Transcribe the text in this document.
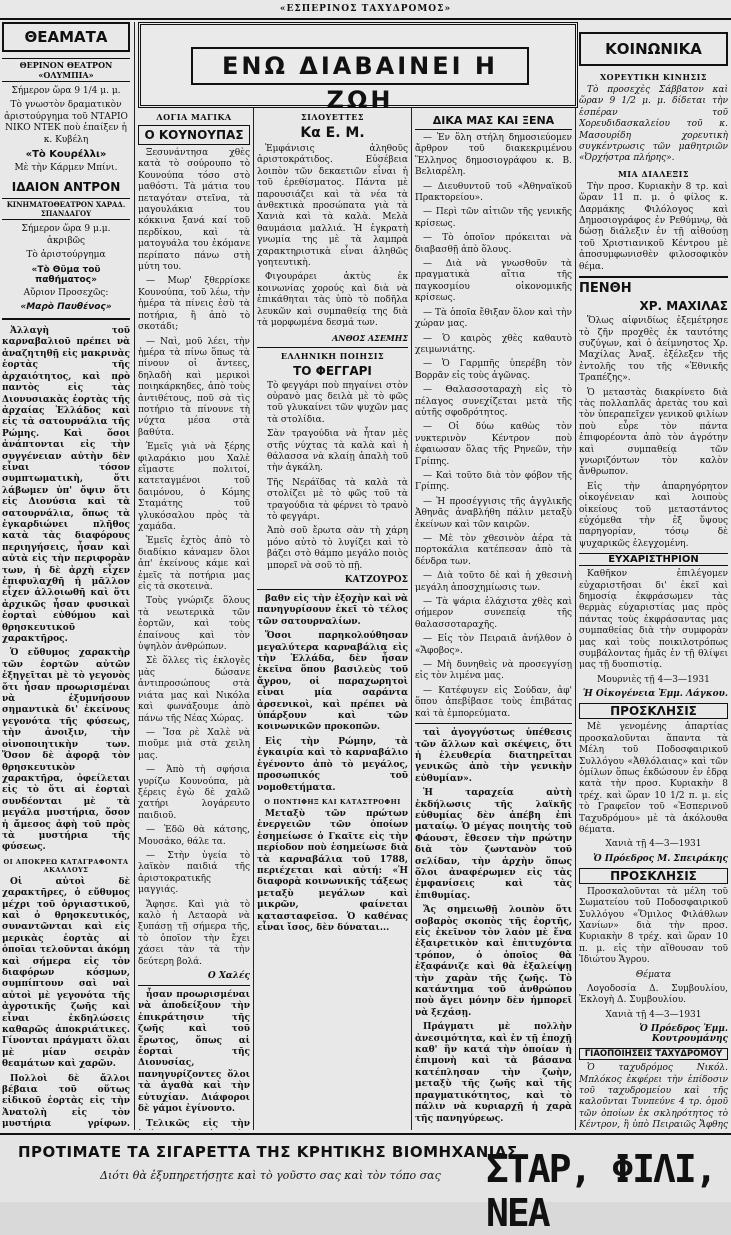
«ΕΣΠΕΡΙΝΟΣ ΤΑΧΥΔΡΟΜΟΣ»
ΘΕΑΜΑΤΑ
ΘΕΡΙΝΟΝ ΘΕΑΤΡΟΝ «ΟΛΥΜΠΙΑ»

Σήμερον ὥρα 9 1/4 μ. μ.

Τὸ γνωστὸν δραματικὸν ἀριστούργημα τοῦ ΝΤΑΡΙΟ ΝΙΚΟ ΝΤΕΚ ποὺ ἐπαίξεν ἡ κ. Κυβέλη

«Τὸ Κουρέλλι»

Μὲ τὴν Κάρμεν Μπίνι.

ΙΔΑΙΟΝ ΑΝΤΡΟΝ
ΚΙΝΗΜΑΤΟΘΕΑΤΡΟΝ ΧΑΡΑΔ. ΣΠΑΝΔΑΓΟΥ

Σήμερον ὥρα 9 μ.μ. ἀκριβῶς

Τὸ ἀριστούργημα

«Τὸ Θῦμα τοῦ παθήματος»

Αὔριον Προσεχῶς:

«Μαρὸ Παυθένος»

Ἀλλαγὴ τοῦ καρναβαλιοῦ πρέπει νὰ ἀναζητηθῇ εἰς μακρινὰς ἑορτὰς τῆς ἀρχαιότητος, καὶ πρὸ παντὸς εἰς τὰς Διονυσιακὰς ἑορτὰς τῆς ἀρχαίας Ἑλλάδος καὶ εἰς τὰ σατουρνάλια τῆς Ρώμης. Καὶ ὅσοι ἀνάπτονται εἰς τὴν συγγένειαν αὐτὴν δὲν εἶναι τόσον συμπτωματικὴ, ὅτι λάβωμεν ὑπ' ὄψιν ὅτι εἰς Διονύσια καὶ τὰ σατουρνάλια, ὅπως τὰ ἐγκαρδιώνει πλῆθος κατὰ τὰς διαφόρους περιηγήσεις, ἦσαν καὶ αὐτὰ εἰς τὴν περιφορὰν των, ἡ δὲ ἀρχὴ εἶχεν ἐπιφυλαχθῆ ἡ μᾶλλον εἶχεν ἀλλοιωθῆ καὶ ὅτι ἀρχικῶς ἦσαν φυσικαὶ ἑορταὶ εὐθύμου καὶ θρησκευτικοῦ χαρακτῆρος.

Ὁ εὔθυμος χαρακτὴρ τῶν ἑορτῶν αὐτῶν ἐξηγεῖται μὲ τὸ γεγονὸς ὅτι ἦσαν προωρισμέναι νὰ ἑξυμνήσουν σημαντικὰ δι' ἐκείνους γεγονότα τῆς φύσεως, τὴν ἀνοιξιν, τὴν οἰνοποιητικὴν των. Ὅσον δὲ ἀφορᾷ τὸν θρησκευτικὸν χαρακτῆρα, ὀφείλεται εἰς τὸ ὅτι αἱ ἑορταὶ συνδέονται μὲ τὰ μεγάλα μυστήρια, ὅσον ἡ ἄμεσος ἀφὴ τοῦ πρὸς τὰ μυστήρια τῆς φύσεως.

ΟΙ ΑΠΟΚΡΕΩ ΚΑΤΑΓΡΑΦΟΝΤΑ ΑΚΑΛΛΟΥΣ

Οἱ αὐτοὶ δὲ χαρακτῆρες, ὁ εὔθυμος μέχρι τοῦ ὀργιαστικοῦ, καὶ ὁ θρησκευτικός, συναντῶνται καὶ εἰς μερικὰς ἑορτὰς αἱ ὁποῖαι τελοῦνται ἀκόμη καὶ σήμερα εἰς τὸν διαφόρων κόσμων, συμπίπτουν σαὶ ναὶ αὐτοὶ μὲ γεγονότα τῆς ἀγροτικῆς ζωῆς καὶ εἶναι ἐκδηλώσεις καθαρῶς ἀποκριάτικες. Γίνονται πράγματι ὅλαι μὲ μίαν σειρὰν θεαμάτων καὶ χαρῶν.

Πολλοὶ δὲ ἄλλοι βέβαια τοῦ οὕτως εἰδικοῦ ἑορτὰς εἰς τὴν Ἀνατολὴ εἰς τὸν μυστήρια γρίφων.

ΕΝΩ ΔΙΑΒΑΙΝΕΙ Η ΖΩΗ
ΛΟΓΙΑ ΜΑΓΙΚΑ
Ο ΚΟΥΝΟΥΠΑΣ

Ξεσυνάντησα χθὲς κατὰ τὸ σούρουπο τὸ Κουνούπα τόσο στὸ μαθόστι. Τὰ μάτια του πεταγόταν στεῖνα, τὰ μαγουλάκια του κόκκινα ξανά καί τοῦ περδίκου, καὶ τὰ ματογυάλα του ἐκόμανε περίπατο πάνω στὴ μύτη του.

— Μωρ' ξθερρίσκε Κουνούπα, τοῦ λέω, τὴν ἡμέρα τὰ πίνεις ἐσὺ τὰ ποτήρια, ἢ ἀπὸ τὸ σκοτάδι;

— Ναὶ, μοῦ λέει, τὴν ἡμέρα τὰ πίνω ὅπως τὰ πίνουν οἱ ἄντεες, δηλαδὴ καὶ μερικοὶ ποιηκάρκηδες, ἀπὸ τοὺς ἀντιθέτους, ποῦ σὰ τὶς ποτήριο τὰ πίνουνε τὴ νύχτα μέσα στὰ βαθύτα.

Ἐμεῖς γιὰ νὰ ξέρης φιλαράκιο μου Χαλὲ εἴμαστε πολιτοί, κατεταγμένοι τοῦ δαιμόνου, ὁ Κόμης Σταμάτης τοῦ γλυκόσαλου πρὸς τὰ χαμάδα.

Ἐμεῖς ἐχτὸς ἀπὸ τὸ διαδίκιο κάναμεν ὅλοι ἀπ' ἐκείνους κάμε καὶ ἐμεῖς τὰ ποτήρια μας εἰς τὰ σκοτεινὰ.

Τοὺς γνώριζε ὅλους τὰ νεωτερικὰ τῶν ἑορτῶν, καὶ τοὺς ἐπαίνους καὶ τὸν ὑψηλὸν ἀνθρώπων.

Σὲ ὅλλες τὶς ἐκλογὲς μὰς δώσανε ἀντιπροσώπους στὰ νιάτα μας καὶ Νικόλα καὶ φωνάξουμε ἀπὸ πάνω τῆς Νέας Χώρας.

— Ἴσα ρὲ Χαλὲ νὰ πιοῦμε μιὰ στὰ χειλη μας.

— Ἀπὸ τὴ σφήσια γυρίζω Κουνούπα, μὰ ξέρεις ἐγὼ δὲ χαλῶ χατήρι λογάρευτο παιδιοῦ.

— Ἐδῶ θὰ κάτσης, Μουσάκο, θάλε τα.

— Στὴν ὑγεία τὸ λαϊκὸν παιδιά τῆς ἀριστοκρατικῆς μαγγιάς.

Ἄφησε. Καὶ γιὰ τὸ καλὸ ἡ Λεταορὰ νὰ ξυπάσῃ τῇ σήμερα τῆς, τὸ ὁποῖον τὴν ἔχει χάσει τὰν τὰ τὴν δεύτερη βολά.

Ο Χαλές

ἦσαν προωρισμέναι νὰ ἀποδείξουν τὴν ἐπικράτησιν τῆς ζωῆς καὶ τοῦ ἔρωτος, ὅπως αἱ ἑορταὶ τῆς Διονυσίας, πανηγυρίζοντες ὅλοι τὰ ἀγαθὰ καὶ τὴν εὐτυχίαν. Διάφοροι δὲ γάμοι ἐγίνοντο.

Τελικῶς εἰς τὴν

ΣΙΛΟΥΕΤΤΕΣ
Κα Ε. Μ.

Ἐμφάνισις ἀληθοῦς ἀριστοκράτιδος. Εὐσέβεια λοιπὸν τῶν δεκαετιῶν εἶναι ἡ τοῦ ἐρεθίσματος. Πάντα μὲ παρουσιάζει καὶ τὰ νέα τὰ ἀνθεκτικὰ προσώπατα γιὰ τὰ Χανιὰ καὶ τὰ καλὰ. Μελὰ θαυμάσια μαλλιά. Ἡ ἐγκρατὴ γνωμία της μὲ τὰ λαμπρὰ χαρακτηριστικὰ εἶναι ἀληθῶς γοητευτικὴ.

Φιγουράρει ἀκτὺς ἐκ κοινωνίας χορούς καὶ διὰ νὰ ἐπικάθηται τὰς ὑπὸ τὸ ποδῆλα λευκῶν καὶ συμπαθείᾳ της διὰ τὰ μορφωμένα δεσμά των.

ΑΝΘΟΣ ΑΣΕΜΗΣ
ΕΛΛΗΝΙΚΗ ΠΟΙΗΣΙΣ
ΤΟ ΦΕΓΓΑΡΙ

Τὸ φεγγάρι ποὺ πηγαίνει στὸν οὐρανὸ μας δειλὰ μὲ τὸ φῶς τοῦ γλυκαίνει τῶν ψυχῶν μας τὰ στολίδια.

Σὰν τραγούδια νὰ ἦταν μὲς στῆς νύχτας τὰ καλὰ καὶ ἡ θάλασσα νὰ κλαίῃ ἀπαλὴ τοῦ τὴν ἀγκάλη.

Τῆς Νεράϊδας τὰ καλὰ τὰ στολίζει μὲ τὸ φῶς τοῦ τὰ τραγούδια τὰ φέρνει τὸ τρανὸ τὸ φεγγάρι.

Ἀπὸ σοῦ ἔρωτα σὰν τὴ χάρη μόνο αὐτὸ τὸ λυγίζει καὶ τὸ βάζει στὸ θάμπο μεγάλο ποιὸς μπορεῖ νὰ σοῦ τὸ πῇ.

ΚΑΤΖΟΥΡΟΣ

βαθν εἰς τὴν ἐξοχὴν καὶ νὰ πανηγυρίσουν ἐκεῖ τὸ τέλος τῶν σατουρναλίων.

Ὅσοι παρηκολούθησαν μεγαλύτερα καρναβάλια εἰς τὴν Ἑλλάδα, δὲν ἦσαν ἐκεῖνα ὅπου βασιλεὺς τοῦ ἄγρου, οἱ παραχωρητοὶ εἶναι μία σαράντα ἀρσενικοὶ, καὶ πρέπει νὰ ὑπάρξουν καὶ τῶν κοινωνικῶν προκοπῶν.

Εἰς τὴν Ρώμην, τὰ ἐγκαιρία καὶ τὸ καρναβάλιο ἐγένοντο ἀπὸ τὸ μεγάλος, προσωπικός τοῦ νομοθετήματα.

Ο ΠΟΝΤΙΦΗΞ ΚΑΙ ΚΑΤΑΣΤΡΟΦΗΙ

Μεταξὺ τῶν πρώτων ἐνεργειῶν τῶν ὁποίων ἐσημείωσε ὁ Γκαῖτε εἰς τὴν περίοδον ποὺ ἐσημείωσε διὰ τὰ καρναβάλια τοῦ 1788, περιέχεται καὶ αὐτή: «Ἡ διαφορὰ κοινωνικῆς τάξεως μεταξὺ μεγάλων καὶ μικρῶν, φαίνεται κατασταφεῖσα. Ὁ καθένας εἶναι ἴσος, δὲν δύναται...

ΔΙΚΑ ΜΑΣ ΚΑΙ ΞΕΝΑ

— Ἐν ὅλη στήλη δημοσιεύομεν ἄρθρον τοῦ διακεκριμένου Ἕλληνος δημοσιογράφου κ. Β. Βελιαρέλη.

— Διευθυντοῦ τοῦ «Ἀθηναϊκοῦ Πρακτορείου».

— Περὶ τῶν αἰτιῶν τῆς γενικῆς κρίσεως.

— Τὸ ὁποῖον πρόκειται νὰ διαβασθῇ ἀπὸ ὅλους.

— Διὰ νὰ γνωσθοῦν τὰ πραγματικὰ αἴτια τῆς παγκοσμίου οἰκονομικῆς κρίσεως.

— Τὰ ὁποῖα ἔθιξαν ὅλον καὶ τὴν χώραν μας.

— Ὁ καιρὸς χθὲς καθαυτὸ χειμωνιάτης.

— Ὁ Γαρμπῆς ὑπερέβη τὸν Βορρᾶν εἰς τοὺς ἀγῶνας.

— Θαλασσοταραχὴ εἰς τὸ πέλαγος συνεχίζεται μετὰ τῆς αὐτῆς σφοδρότητος.

— Οἱ δύω καθὼς τὸν νυκτερινὸν Κέντρον ποὺ ἐφαιωσαν ὅλας τῆς Ρηνεῶν, τὴν Γρίπης.

— Καὶ τοῦτο διὰ τὸν φόβον τῆς Γρίπης.

— Ἡ προσέγγισις τῆς ἀγγλικῆς Ἀθηνᾶς ἀναβλήθη πάλιν μεταξὺ ἐκείνων καὶ τῶν καιρῶν.

— Μὲ τὸν χθεσινὸν ἀέρα τὰ πορτοκάλια κατέπεσαν ἀπὸ τὰ δένδρα των.

— Διὰ τοῦτο δὲ καὶ ἡ χθεσινὴ μεγάλη ἀποσχημίωσις των.

— Τὰ ψάρια ἐλάχιστα χθὲς καὶ σήμερον συνεπείᾳ τῆς θαλασσοταραχῆς.

— Εἰς τὸν Πειραιᾶ ἀνήλθον ὁ «Ἄφοβος».

— Μὴ δυνηθεὶς νὰ προσεγγίσῃ εἰς τὸν λιμένα μας.

— Κατέφυγεν εἰς Σούδαν, ἀφ' ὅπου ἀπεβίβασε τοὺς ἐπιβάτας καὶ τὰ ἐμπορεύματα.

ταὶ ἀγογγύστως ὑπέθεσις τῶν ἄλλων καὶ σκέψεις, ὅτι ἡ ἐλευθερία διατηρεῖται γενικῶς ἀπὸ τὴν γενικὴν εὐθυμίαν».

Ἡ ταραχεία αὐτὴ ἐκδήλωσις τῆς λαϊκῆς εὐθυμίας δὲν ἀπέβη ἐπὶ ματαίῳ. Ὁ μέγας ποιητὴς τοῦ Φάουστ, ἔθεσεν τὴν πρώτην διὰ τὸν ζωντανὸν τοῦ σελίδαν, τὴν ἀρχὴν ὅπως ὅλοι ἀναφέρωμεν εἰς τὰς ἐμφανίσεις καὶ τὰς ἐπιθυμίας.

Ἄς σημειωθῇ λοιπὸν ὅτι σοβαρὸς σκοπὸς τῆς ἑορτῆς, εἰς ἐκεῖνον τὸν λαὸν μὲ ἕνα ἐξαιρετικὸν καὶ ἐπιτυχόντα τρόπον, ὁ ὁποῖος θὰ ἐξαφάνιζε καὶ θὰ ἐξαλείψῃ τὴν χαρὰν τῆς ζωῆς. Τὸ κατάντημα τοῦ ἀνθρώπου ποὺ ἄγει μόνην δὲν ἡμπορεῖ νὰ ξεχάσῃ.

Πράγματι μὲ πολλὴν ἀνεσιμότητα, καὶ ἐν τῇ ἐποχῇ καθ' ἣν κατά τὴν ὁποίαν ἡ ἐπιμονὴ καὶ τὰ βάσανα κατέπλησαν τὴν ζωὴν, μεταξὺ τῆς ζωῆς καὶ τῆς πραγματικότητος, καὶ τὸ πάλιν νὰ κυριαρχῇ ἡ χαρὰ τῆς πανηγύρεως.

ΚΟΙΝΩΝΙΚΑ
ΧΟΡΕΥΤΙΚΗ ΚΙΝΗΣΙΣ

Τὸ προσεχὲς Σάββατον καὶ ὥραν 9 1/2 μ. μ. δίδεται τὴν ἑσπέραν τοῦ Χορευδιδασκαλείου τοῦ κ. Μασουρίδη χορευτικὴ συγκέντρωσις τῶν μαθητριῶν «Ὀρχήστρα πλήρης».

ΜΙΑ ΔΙΑΛΕΞΙΣ

Τὴν προσ. Κυριακὴν 8 τρ. καὶ ὥραν 11 π. μ. ὁ φίλος κ. Δαρμάκης Φιλόλογος καὶ Δημοσιογράφος ἐν Ρεθύμνῳ, θὰ δώσῃ διάλεξιν ἐν τῇ αἰθούσῃ τοῦ Χριστιανικοῦ Κέντρου μὲ ἀποσυμφωνισθὲν φιλοσοφικὸν θέμα.

ΠΕΝΘΗ
ΧΡ. ΜΑΧΙΛΑΣ

Ὅλως αἰφνιδίως ἐξεμέτρησε τὸ ζῆν προχθὲς ἐκ ταυτότης συζύγων, καὶ ὁ ἀείμνηστος Χρ. Μαχίλας Ἀναξ. ἐξέλεξεν τῆς ἐντολῆς του τῆς «Ἐθνικῆς Τραπέζης».

Ὁ μεταστὰς διακρίνετο διὰ τὰς πολλαπλᾶς ἀρετὰς του καὶ τὸν ὑπεραπεῖχεν γενικοῦ φιλίων ποὺ εὗρε τὸν πάντα ἐπιφορέοντα ἀπὸ τὸν ἀγρότην καὶ συμπαθείᾳ τῶν γνωριζόντων τὸν καλὸν ἄνθρωπον.

Εἰς τὴν ἀπαρηγόρητον οἰκογένειαν καὶ λοιποὺς οἰκείους τοῦ μεταστάντος εὐχόμεθα τὴν ἐξ ὕψους παρηγορίαν, τόσῳ δὲ ψυχαρικῶς ἐλεγχομένη.

ΕΥΧΑΡΙΣΤΗΡΙΟΝ

Καθῆκον ἐπιλέγομεν εὐχαριστῆσαι δι' ἐκεῖ καὶ δημοσίᾳ ἐκφράσωμεν τὰς θερμὰς εὐχαριστίας μας πρὸς πάντας τοὺς ἐκφράσαντας μας συμπαθείας διὰ τὴν συμφορὰν μας καὶ τοὺς ποικιλοτρόπως συμβάλοντας ἡμᾶς ἐν τῇ θλίψει μας τῇ δυσπιστίᾳ.

Μουρνιὲς τῇ 4—3—1931

Ἡ Οἰκογένεια Ἐμμ. Λάγκου.
ΠΡΟΣΚΛΗΣΙΣ

Μὲ γενομένης ἀπαρτίας προσκαλοῦνται ἅπαντα τὰ Μέλη τοῦ Ποδοσφαιρικοῦ Συλλόγου «Ἀθλόλαιας» καὶ τῶν ὁμίλων ὅπως ἐκδώσουν ἐν ἐδρᾳ κατὰ τὴν προσ. Κυριακὴν 8 τρέχ. καὶ ὥραν 10 1/2 π. μ. εἰς τὸ Γραφεῖον τοῦ «Ἐσπερινοῦ Ταχυδρόμου» μὲ τὰ ἀκόλουθα θέματα.

Χανιὰ τῇ 4—3—1931

Ὁ Πρόεδρος Μ. Σπειράκης
ΠΡΟΣΚΛΗΣΙΣ

Προσκαλοῦνται τὰ μέλη τοῦ Σωματείου τοῦ Ποδοσφαιρικοῦ Συλλόγου «Ὅμιλος Φιλάθλων Χανίων» διὰ τὴν προσ. Κυριακὴν 8 τρέχ. καὶ ὥραν 10 π. μ. εἰς τὴν αἴθουσαν τοῦ Ἰδιώτου Ἄγρου.

Θέματα

Λογοδοσία Δ. Συμβουλίου, Ἐκλογὴ Δ. Συμβουλίου.

Χανιὰ τῇ 4—3—1931

Ὁ Πρόεδρος Ἐμμ. Κουτρουμάνης
ΓΙΑΟΠΟΙΗΣΕΙΣ ΤΑΧΥΔΡΟΜΟΥ

Ὁ ταχυδρόμος Νικόλ. Μπλόκος ἐκφέρει τὴν ἐπίδοσιν τοῦ ταχυδρομείου καὶ τῆς καλοῦνται Τυνπεύνε 4 τρ. ὁμοῦ τῶν ὁποίων ἐκ σκληρότητος τὸ Κέντρον, ἢ ὑπὸ Πειραιῶς Ἄφθης

ΠΡΟΤΙΜΑΤΕ ΤΑ ΣΙΓΑΡΕΤΤΑ ΤΗΣ ΚΡΗΤΙΚΗΣ ΒΙΟΜΗΧΑΝΙΑΣ
Διότι θὰ ἐξυπηρετήσῃτε καὶ τὸ γοῦστο σας καὶ τὸν τόπο σας ΣΤΑΡ, ΦΙΛΙ, ΝΕΑ
